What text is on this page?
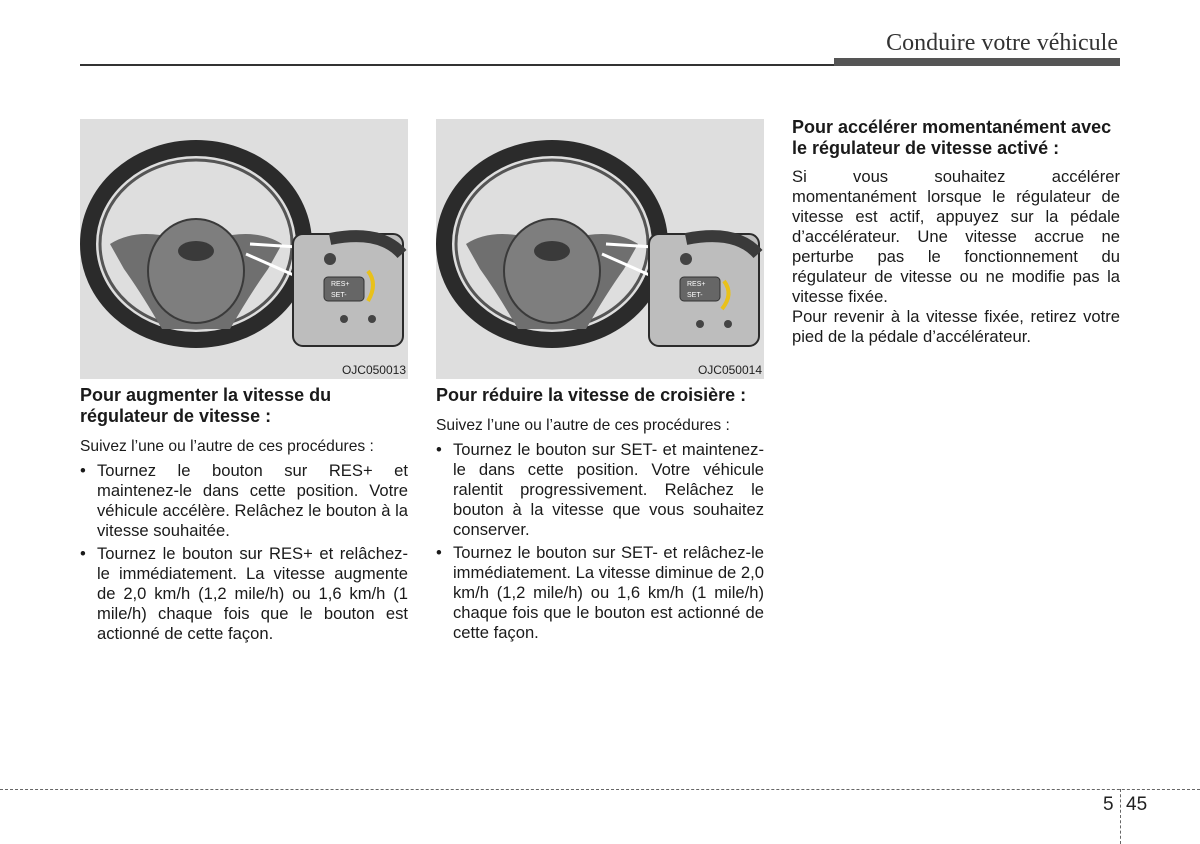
Conduire votre véhicule
RES+
SET-
OJC050013
Pour augmenter la vitesse du régulateur de vitesse :
Suivez l’une ou l’autre de ces procédures :
• Tournez le bouton sur RES+ et maintenez-le dans cette position. Votre véhicule accélère. Relâchez le bouton à la vitesse souhaitée.
• Tournez le bouton sur RES+ et relâchez-le immédiatement. La vitesse augmente de 2,0 km/h (1,2 mile/h) ou 1,6 km/h (1 mile/h) chaque fois que le bouton est actionné de cette façon.
RES+
SET-
OJC050014
Pour réduire la vitesse de croisière :
Suivez l’une ou l’autre de ces procédures :
• Tournez le bouton sur SET- et maintenez-le dans cette position. Votre véhicule ralentit progressivement. Relâchez le bouton à la vitesse que vous souhaitez conserver.
• Tournez le bouton sur SET- et relâchez-le immédiatement. La vitesse diminue de 2,0 km/h (1,2 mile/h) ou 1,6 km/h (1 mile/h) chaque fois que le bouton est actionné de cette façon.
Pour accélérer momentanément avec le régulateur de vitesse activé :

Si vous souhaitez accélérer momentanément lorsque le régulateur de vitesse est actif, appuyez sur la pédale d’accélérateur. Une vitesse accrue ne perturbe pas le fonctionnement du régulateur de vitesse ou ne modifie pas la vitesse fixée.

Pour revenir à la vitesse fixée, retirez votre pied de la pédale d’accélérateur.

5 45
